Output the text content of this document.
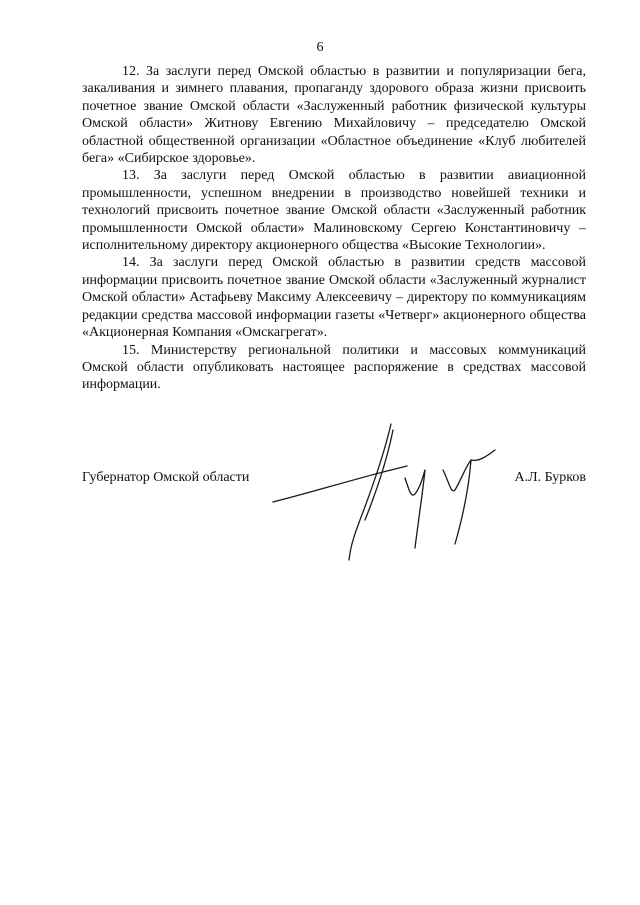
6

12. За заслуги перед Омской областью в развитии и популяризации бега, закаливания и зимнего плавания, пропаганду здорового образа жизни присвоить почетное звание Омской области «Заслуженный работник физической культуры Омской области» Житнову Евгению Михайловичу – председателю Омской областной общественной организации «Областное объединение «Клуб любителей бега» «Сибирское здоровье».

13. За заслуги перед Омской областью в развитии авиационной промышленности, успешном внедрении в производство новейшей техники и технологий присвоить почетное звание Омской области «Заслуженный работник промышленности Омской области» Малиновскому Сергею Константиновичу – исполнительному директору акционерного общества «Высокие Технологии».

14. За заслуги перед Омской областью в развитии средств массовой информации присвоить почетное звание Омской области «Заслуженный журналист Омской области» Астафьеву Максиму Алексеевичу – директору по коммуникациям редакции средства массовой информации газеты «Четверг» акционерного общества «Акционерная Компания «Омскагрегат».

15. Министерству региональной политики и массовых коммуникаций Омской области опубликовать настоящее распоряжение в средствах массовой информации.

Губернатор Омской области	А.Л. Бурков
